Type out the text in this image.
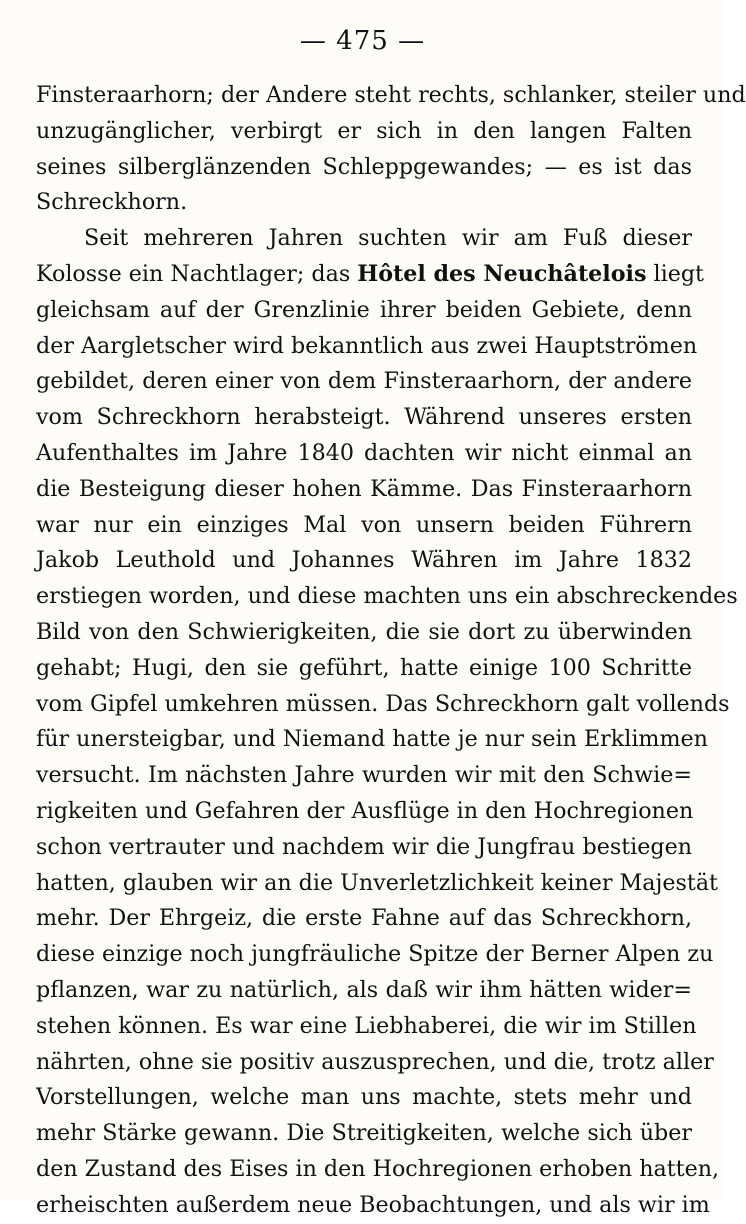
— 475 —
Finsteraarhorn; der Andere steht rechts, schlanker, steiler und
unzugänglicher, verbirgt er sich in den langen Falten
seines silberglänzenden Schleppgewandes; — es ist das
Schreckhorn.
Seit mehreren Jahren suchten wir am Fuß dieser
Kolosse ein Nachtlager; das Hôtel des Neuchâtelois liegt
gleichsam auf der Grenzlinie ihrer beiden Gebiete, denn
der Aargletscher wird bekanntlich aus zwei Hauptströmen
gebildet, deren einer von dem Finsteraarhorn, der andere
vom Schreckhorn herabsteigt. Während unseres ersten
Aufenthaltes im Jahre 1840 dachten wir nicht einmal an
die Besteigung dieser hohen Kämme. Das Finsteraarhorn
war nur ein einziges Mal von unsern beiden Führern
Jakob Leuthold und Johannes Währen im Jahre 1832
erstiegen worden, und diese machten uns ein abschreckendes
Bild von den Schwierigkeiten, die sie dort zu überwinden
gehabt; Hugi, den sie geführt, hatte einige 100 Schritte
vom Gipfel umkehren müssen. Das Schreckhorn galt vollends
für unersteigbar, und Niemand hatte je nur sein Erklimmen
versucht. Im nächsten Jahre wurden wir mit den Schwie=
rigkeiten und Gefahren der Ausflüge in den Hochregionen
schon vertrauter und nachdem wir die Jungfrau bestiegen
hatten, glauben wir an die Unverletzlichkeit keiner Majestät
mehr. Der Ehrgeiz, die erste Fahne auf das Schreckhorn,
diese einzige noch jungfräuliche Spitze der Berner Alpen zu
pflanzen, war zu natürlich, als daß wir ihm hätten wider=
stehen können. Es war eine Liebhaberei, die wir im Stillen
nährten, ohne sie positiv auszusprechen, und die, trotz aller
Vorstellungen, welche man uns machte, stets mehr und
mehr Stärke gewann. Die Streitigkeiten, welche sich über
den Zustand des Eises in den Hochregionen erhoben hatten,
erheischten außerdem neue Beobachtungen, und als wir im
